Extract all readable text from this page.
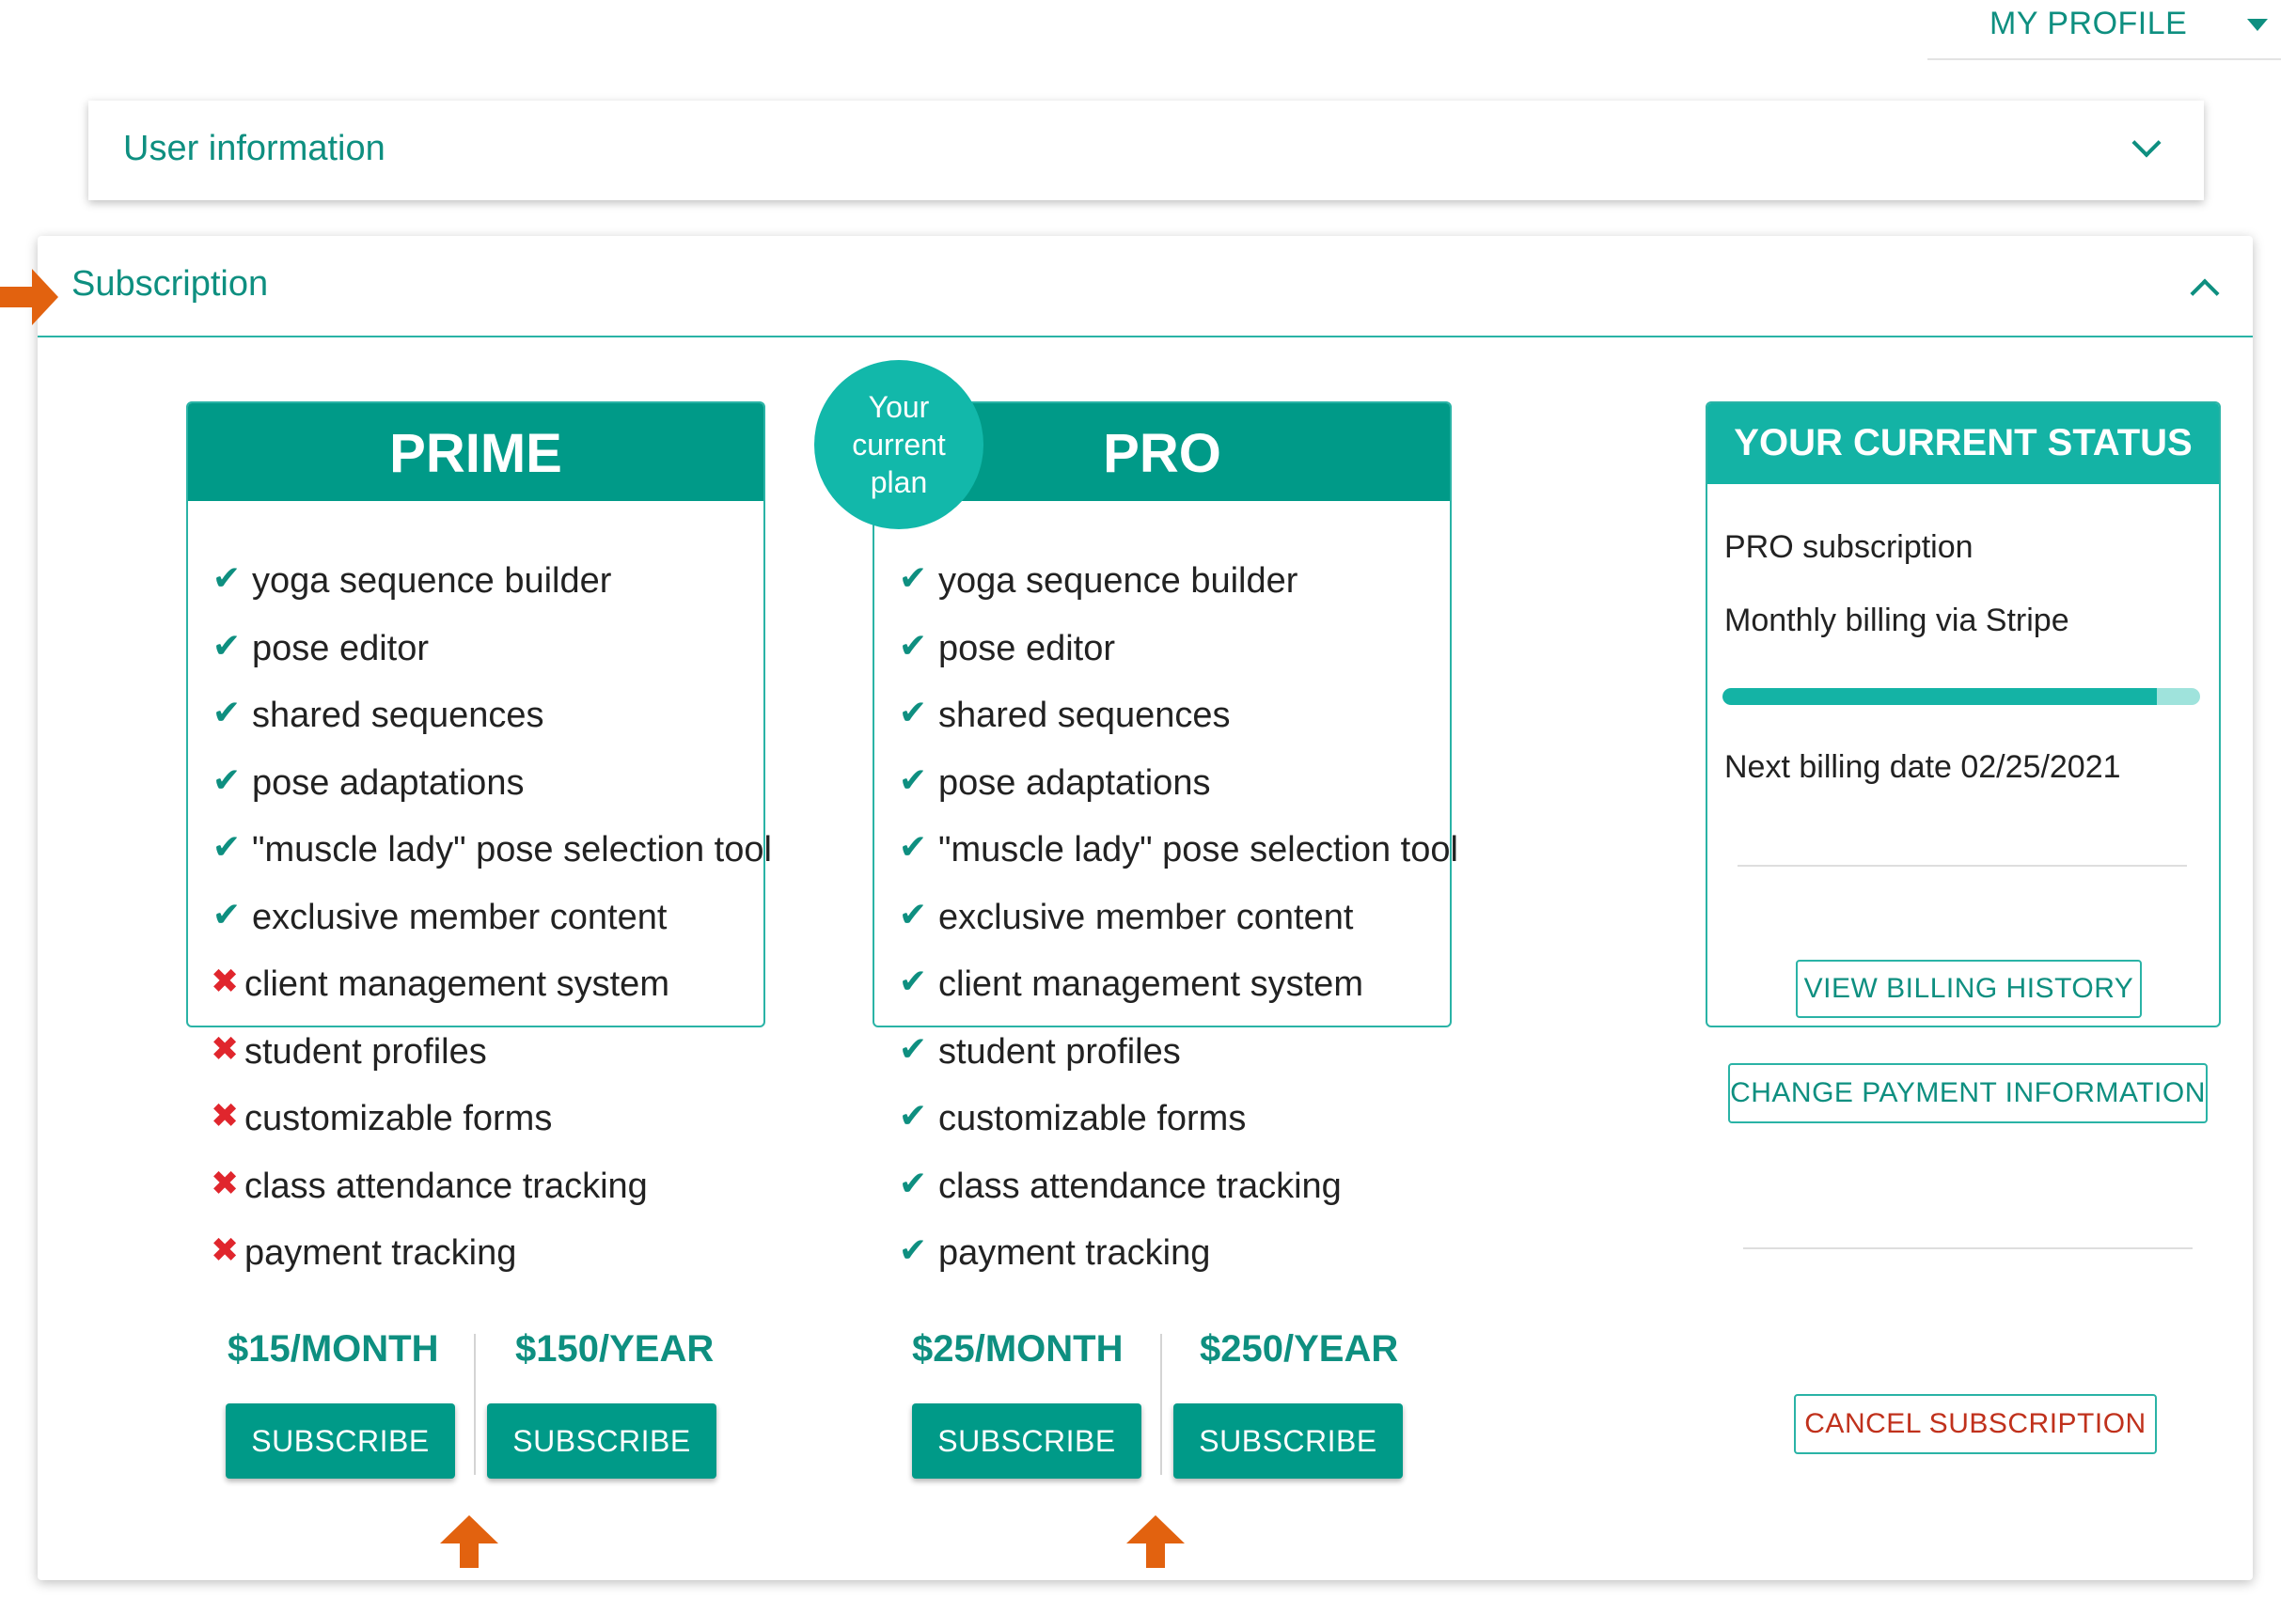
MY PROFILE
User information
Subscription
PRIME
✔ yoga sequence builder
✔ pose editor
✔ shared sequences
✔ pose adaptations
✔ "muscle lady" pose selection tool
✔ exclusive member content
✖ client management system
✖ student profiles
✖ customizable forms
✖ class attendance tracking
✖ payment tracking
$15/MONTH $150/YEAR
SUBSCRIBE	SUBSCRIBE
PRO
✔ yoga sequence builder
✔ pose editor
✔ shared sequences
✔ pose adaptations
✔ "muscle lady" pose selection tool
✔ exclusive member content
✔ client management system
✔ student profiles
✔ customizable forms
✔ class attendance tracking
✔ payment tracking
$25/MONTH $250/YEAR
SUBSCRIBE	SUBSCRIBE
Your
current
plan
YOUR CURRENT STATUS
PRO subscription
Monthly billing via Stripe
Next billing date 02/25/2021
VIEW BILLING HISTORY
CHANGE PAYMENT INFORMATION
CANCEL SUBSCRIPTION
